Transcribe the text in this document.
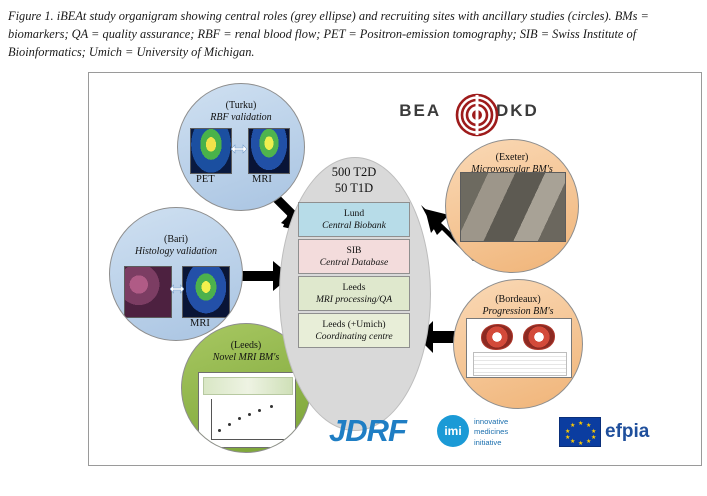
Figure 1. iBEAt study organigram showing central roles (grey ellipse) and recruiting sites with ancillary studies (circles). BMs = biomarkers; QA = quality assurance; RBF = renal blood flow; PET = Positron-emission tomography; SIB = Swiss Institute of Bioinformatics; Umich = University of Michigan.
BEA	DKD
500 T2D
50 T1D
Lund
Central Biobank
SIB
Central Database
Leeds
MRI processing/QA
Leeds (+Umich)
Coordinating centre
(Turku)
RBF validation
PET	MRI
(Bari)
Histology validation
MRI
(Leeds)
Novel MRI BM's
(Exeter)
Microvascular BM's
(Bordeaux)
Progression BM's
JDRF	imi
innovative
medicines
initiative
★ ★
★
★
★
★
★
★
★
★ efpia
